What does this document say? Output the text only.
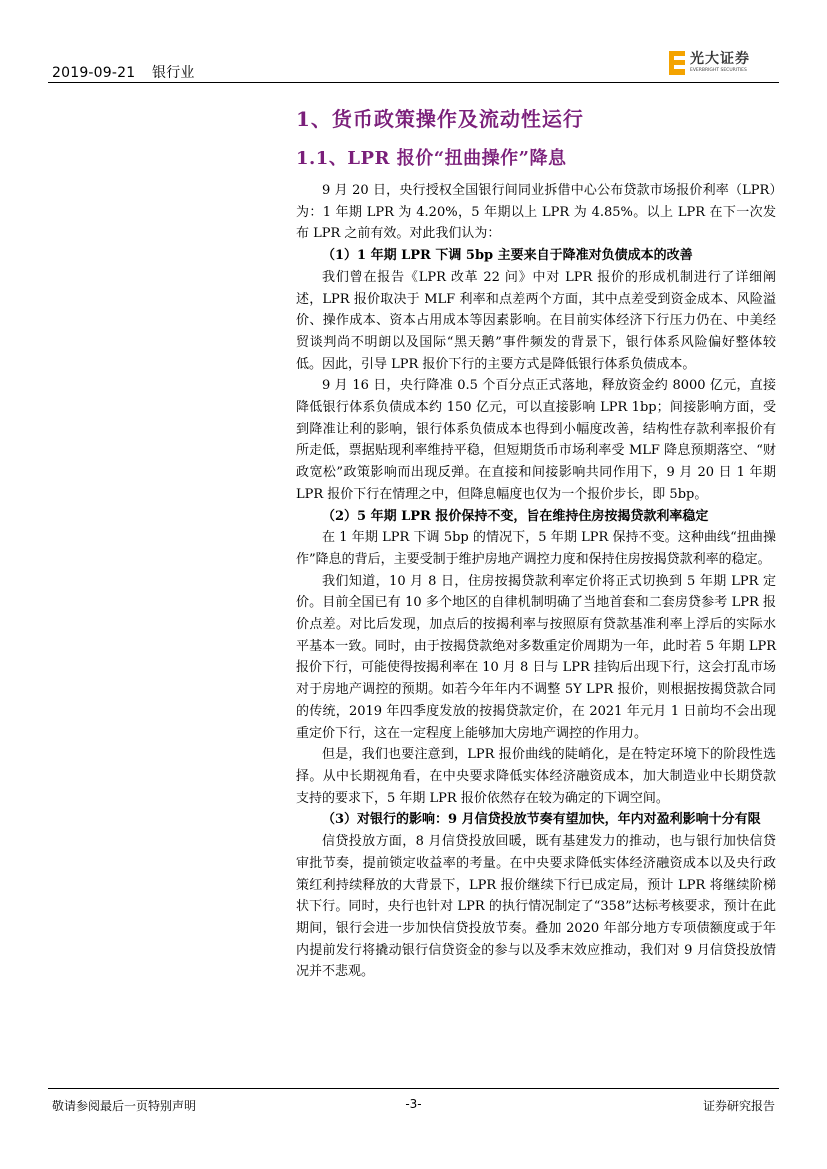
2019-09-21 银行业
光大证券
EVERBRIGHT SECURITIES
1、货币政策操作及流动性运行
1.1、LPR 报价“扭曲操作”降息

9 月 20 日，央行授权全国银行间同业拆借中心公布贷款市场报价利率（LPR）为：1 年期 LPR 为 4.20%，5 年期以上 LPR 为 4.85%。以上 LPR 在下一次发布 LPR 之前有效。对此我们认为：

（1）1 年期 LPR 下调 5bp 主要来自于降准对负债成本的改善

我们曾在报告《LPR 改革 22 问》中对 LPR 报价的形成机制进行了详细阐述，LPR 报价取决于 MLF 利率和点差两个方面，其中点差受到资金成本、风险溢价、操作成本、资本占用成本等因素影响。在目前实体经济下行压力仍在、中美经贸谈判尚不明朗以及国际“黑天鹅”事件频发的背景下，银行体系风险偏好整体较低。因此，引导 LPR 报价下行的主要方式是降低银行体系负债成本。

9 月 16 日，央行降准 0.5 个百分点正式落地，释放资金约 8000 亿元，直接降低银行体系负债成本约 150 亿元，可以直接影响 LPR 1bp；间接影响方面，受到降准让利的影响，银行体系负债成本也得到小幅度改善，结构性存款利率报价有所走低，票据贴现利率维持平稳，但短期货币市场利率受 MLF 降息预期落空、“财政宽松”政策影响而出现反弹。在直接和间接影响共同作用下，9 月 20 日 1 年期 LPR 报价下行在情理之中，但降息幅度也仅为一个报价步长，即 5bp。

（2）5 年期 LPR 报价保持不变，旨在维持住房按揭贷款利率稳定

在 1 年期 LPR 下调 5bp 的情况下，5 年期 LPR 保持不变。这种曲线“扭曲操作”降息的背后，主要受制于维护房地产调控力度和保持住房按揭贷款利率的稳定。

我们知道，10 月 8 日，住房按揭贷款利率定价将正式切换到 5 年期 LPR 定价。目前全国已有 10 多个地区的自律机制明确了当地首套和二套房贷参考 LPR 报价点差。对比后发现，加点后的按揭利率与按照原有贷款基准利率上浮后的实际水平基本一致。同时，由于按揭贷款绝对多数重定价周期为一年，此时若 5 年期 LPR 报价下行，可能使得按揭利率在 10 月 8 日与 LPR 挂钩后出现下行，这会打乱市场对于房地产调控的预期。如若今年年内不调整 5Y LPR 报价，则根据按揭贷款合同的传统，2019 年四季度发放的按揭贷款定价，在 2021 年元月 1 日前均不会出现重定价下行，这在一定程度上能够加大房地产调控的作用力。

但是，我们也要注意到，LPR 报价曲线的陡峭化，是在特定环境下的阶段性选择。从中长期视角看，在中央要求降低实体经济融资成本，加大制造业中长期贷款支持的要求下，5 年期 LPR 报价依然存在较为确定的下调空间。

（3）对银行的影响：9 月信贷投放节奏有望加快，年内对盈利影响十分有限

信贷投放方面，8 月信贷投放回暖，既有基建发力的推动，也与银行加快信贷审批节奏，提前锁定收益率的考量。在中央要求降低实体经济融资成本以及央行政策红利持续释放的大背景下，LPR 报价继续下行已成定局，预计 LPR 将继续阶梯状下行。同时，央行也针对 LPR 的执行情况制定了“358”达标考核要求，预计在此期间，银行会进一步加快信贷投放节奏。叠加 2020 年部分地方专项债额度或于年内提前发行将撬动银行信贷资金的参与以及季末效应推动，我们对 9 月信贷投放情况并不悲观。

敬请参阅最后一页特别声明	-3-	证券研究报告
